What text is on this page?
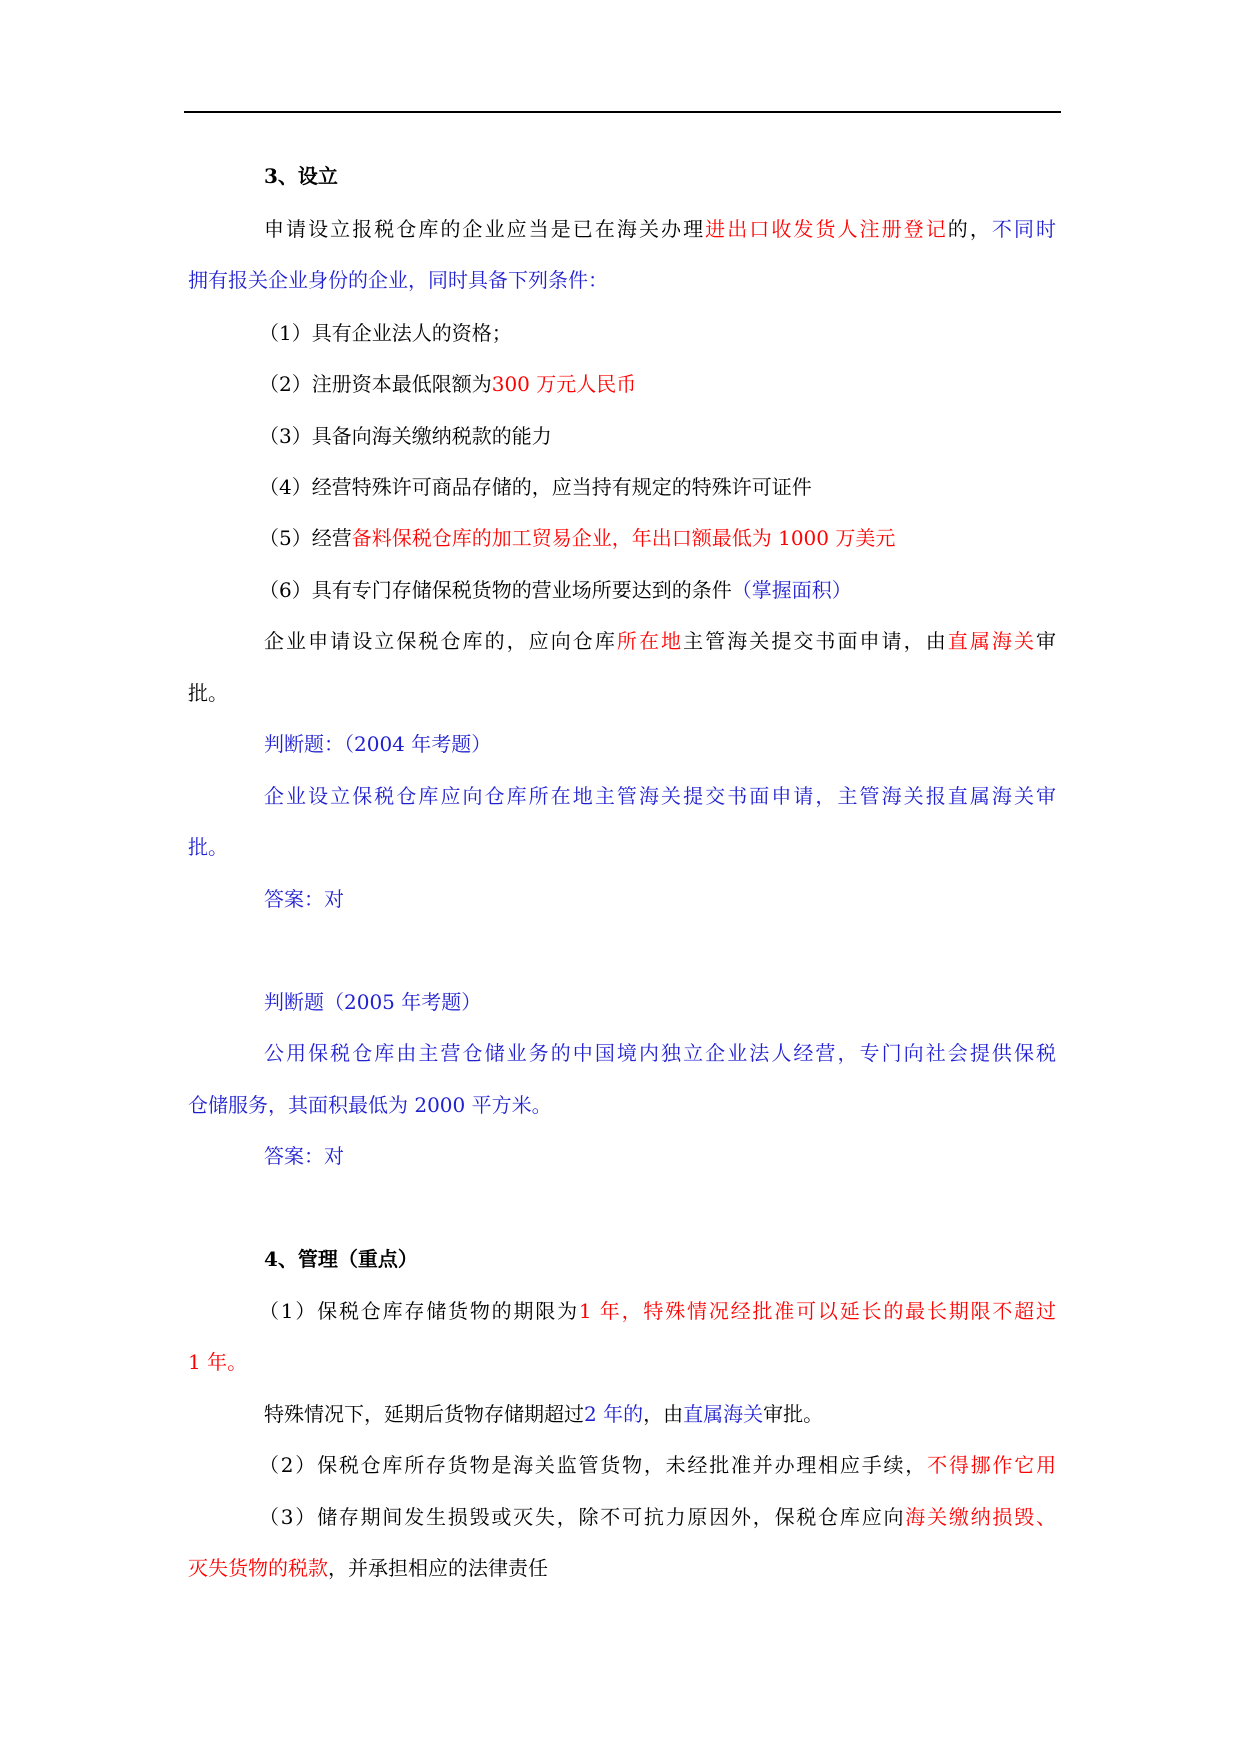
3、设立
申请设立报税仓库的企业应当是已在海关办理进出口收发货人注册登记的，不同时
拥有报关企业身份的企业，同时具备下列条件：
（1）具有企业法人的资格；
（2）注册资本最低限额为300 万元人民币
（3）具备向海关缴纳税款的能力
（4）经营特殊许可商品存储的，应当持有规定的特殊许可证件
（5）经营备料保税仓库的加工贸易企业，年出口额最低为 1000 万美元
（6）具有专门存储保税货物的营业场所要达到的条件（掌握面积）
企业申请设立保税仓库的，应向仓库所在地主管海关提交书面申请，由直属海关审
批。
判断题：（2004 年考题）
企业设立保税仓库应向仓库所在地主管海关提交书面申请，主管海关报直属海关审
批。
答案：对
判断题（2005 年考题）
公用保税仓库由主营仓储业务的中国境内独立企业法人经营，专门向社会提供保税
仓储服务，其面积最低为 2000 平方米。
答案：对
4、管理（重点）
（1）保税仓库存储货物的期限为1 年，特殊情况经批准可以延长的最长期限不超过
1 年。
特殊情况下，延期后货物存储期超过2 年的，由直属海关审批。
（2）保税仓库所存货物是海关监管货物，未经批准并办理相应手续，不得挪作它用
（3）储存期间发生损毁或灭失，除不可抗力原因外，保税仓库应向海关缴纳损毁、
灭失货物的税款，并承担相应的法律责任
